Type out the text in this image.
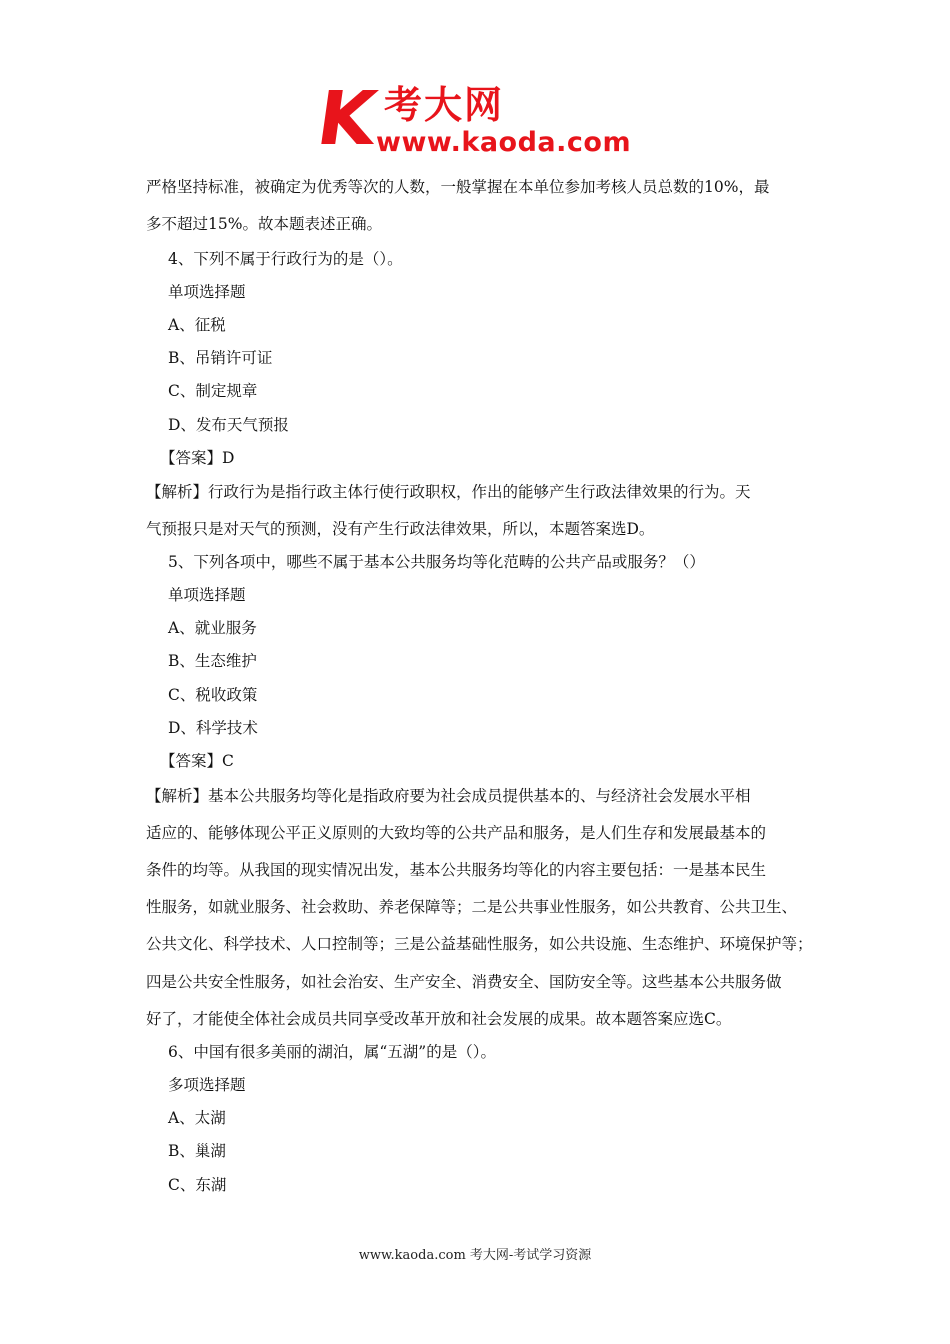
K 考大网
www.kaoda.com
严格坚持标准，被确定为优秀等次的人数，一般掌握在本单位参加考核人员总数的10%，最
多不超过15%。故本题表述正确。
4、下列不属于行政行为的是（）。
单项选择题
A、征税
B、吊销许可证
C、制定规章
D、发布天气预报
【答案】D
【解析】行政行为是指行政主体行使行政职权，作出的能够产生行政法律效果的行为。天
气预报只是对天气的预测，没有产生行政法律效果，所以，本题答案选D。
5、下列各项中，哪些不属于基本公共服务均等化范畴的公共产品或服务？（）
单项选择题
A、就业服务
B、生态维护
C、税收政策
D、科学技术
【答案】C
【解析】基本公共服务均等化是指政府要为社会成员提供基本的、与经济社会发展水平相
适应的、能够体现公平正义原则的大致均等的公共产品和服务，是人们生存和发展最基本的
条件的均等。从我国的现实情况出发，基本公共服务均等化的内容主要包括：一是基本民生
性服务，如就业服务、社会救助、养老保障等；二是公共事业性服务，如公共教育、公共卫生、
公共文化、科学技术、人口控制等；三是公益基础性服务，如公共设施、生态维护、环境保护等；
四是公共安全性服务，如社会治安、生产安全、消费安全、国防安全等。这些基本公共服务做
好了，才能使全体社会成员共同享受改革开放和社会发展的成果。故本题答案应选C。
6、中国有很多美丽的湖泊，属“五湖”的是（）。
多项选择题
A、太湖
B、巢湖
C、东湖
www.kaoda.com 考大网-考试学习资源
